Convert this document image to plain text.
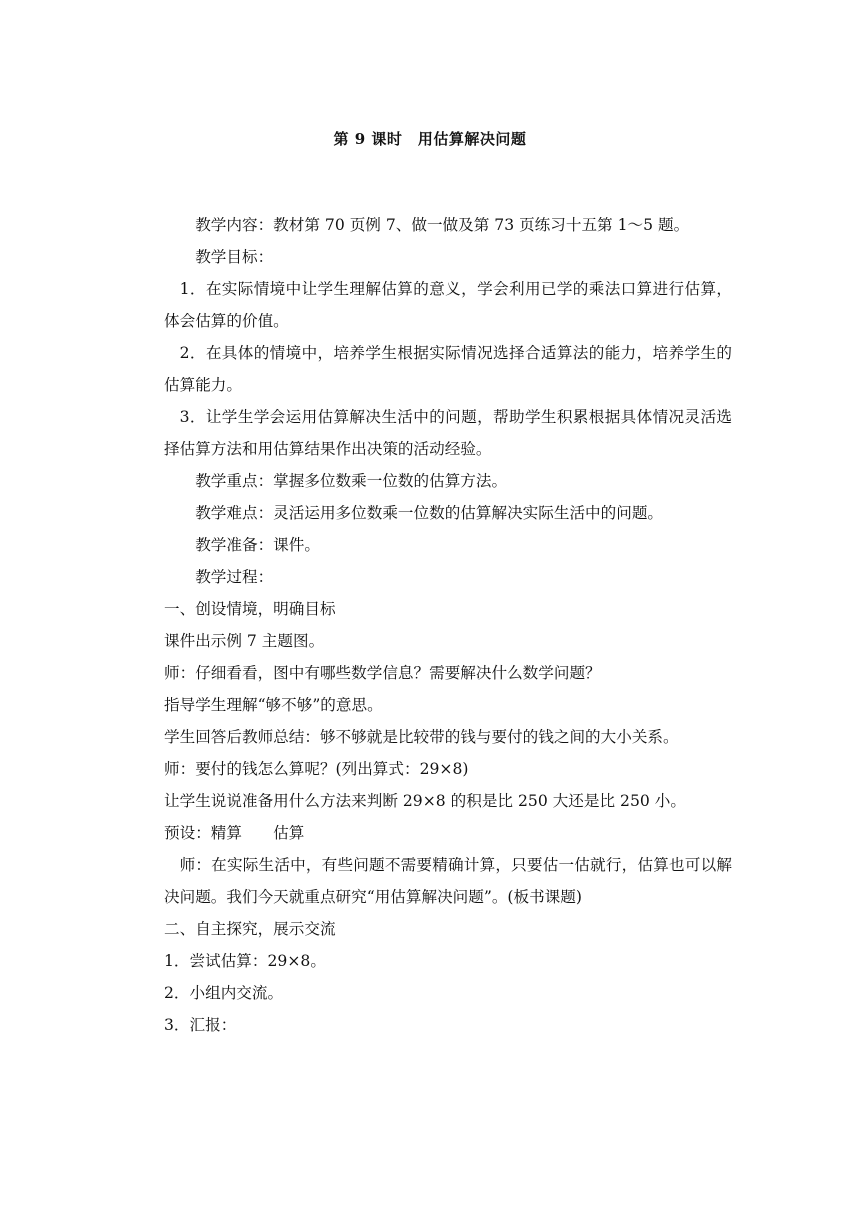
第 9 课时　用估算解决问题

教学内容：教材第 70 页例 7、做一做及第 73 页练习十五第 1～5 题。

教学目标：

1．在实际情境中让学生理解估算的意义，学会利用已学的乘法口算进行估算，体会估算的价值。

2．在具体的情境中，培养学生根据实际情况选择合适算法的能力，培养学生的估算能力。

3．让学生学会运用估算解决生活中的问题，帮助学生积累根据具体情况灵活选择估算方法和用估算结果作出决策的活动经验。

教学重点：掌握多位数乘一位数的估算方法。

教学难点：灵活运用多位数乘一位数的估算解决实际生活中的问题。

教学准备：课件。

教学过程：

一、创设情境，明确目标

课件出示例 7 主题图。

师：仔细看看，图中有哪些数学信息？需要解决什么数学问题？

指导学生理解“够不够”的意思。

学生回答后教师总结：够不够就是比较带的钱与要付的钱之间的大小关系。

师：要付的钱怎么算呢？(列出算式：29×8)

让学生说说准备用什么方法来判断 29×8 的积是比 250 大还是比 250 小。

预设：精算 估算

师：在实际生活中，有些问题不需要精确计算，只要估一估就行，估算也可以解决问题。我们今天就重点研究“用估算解决问题”。(板书课题)

二、自主探究，展示交流

1．尝试估算：29×8。

2．小组内交流。

3．汇报：
